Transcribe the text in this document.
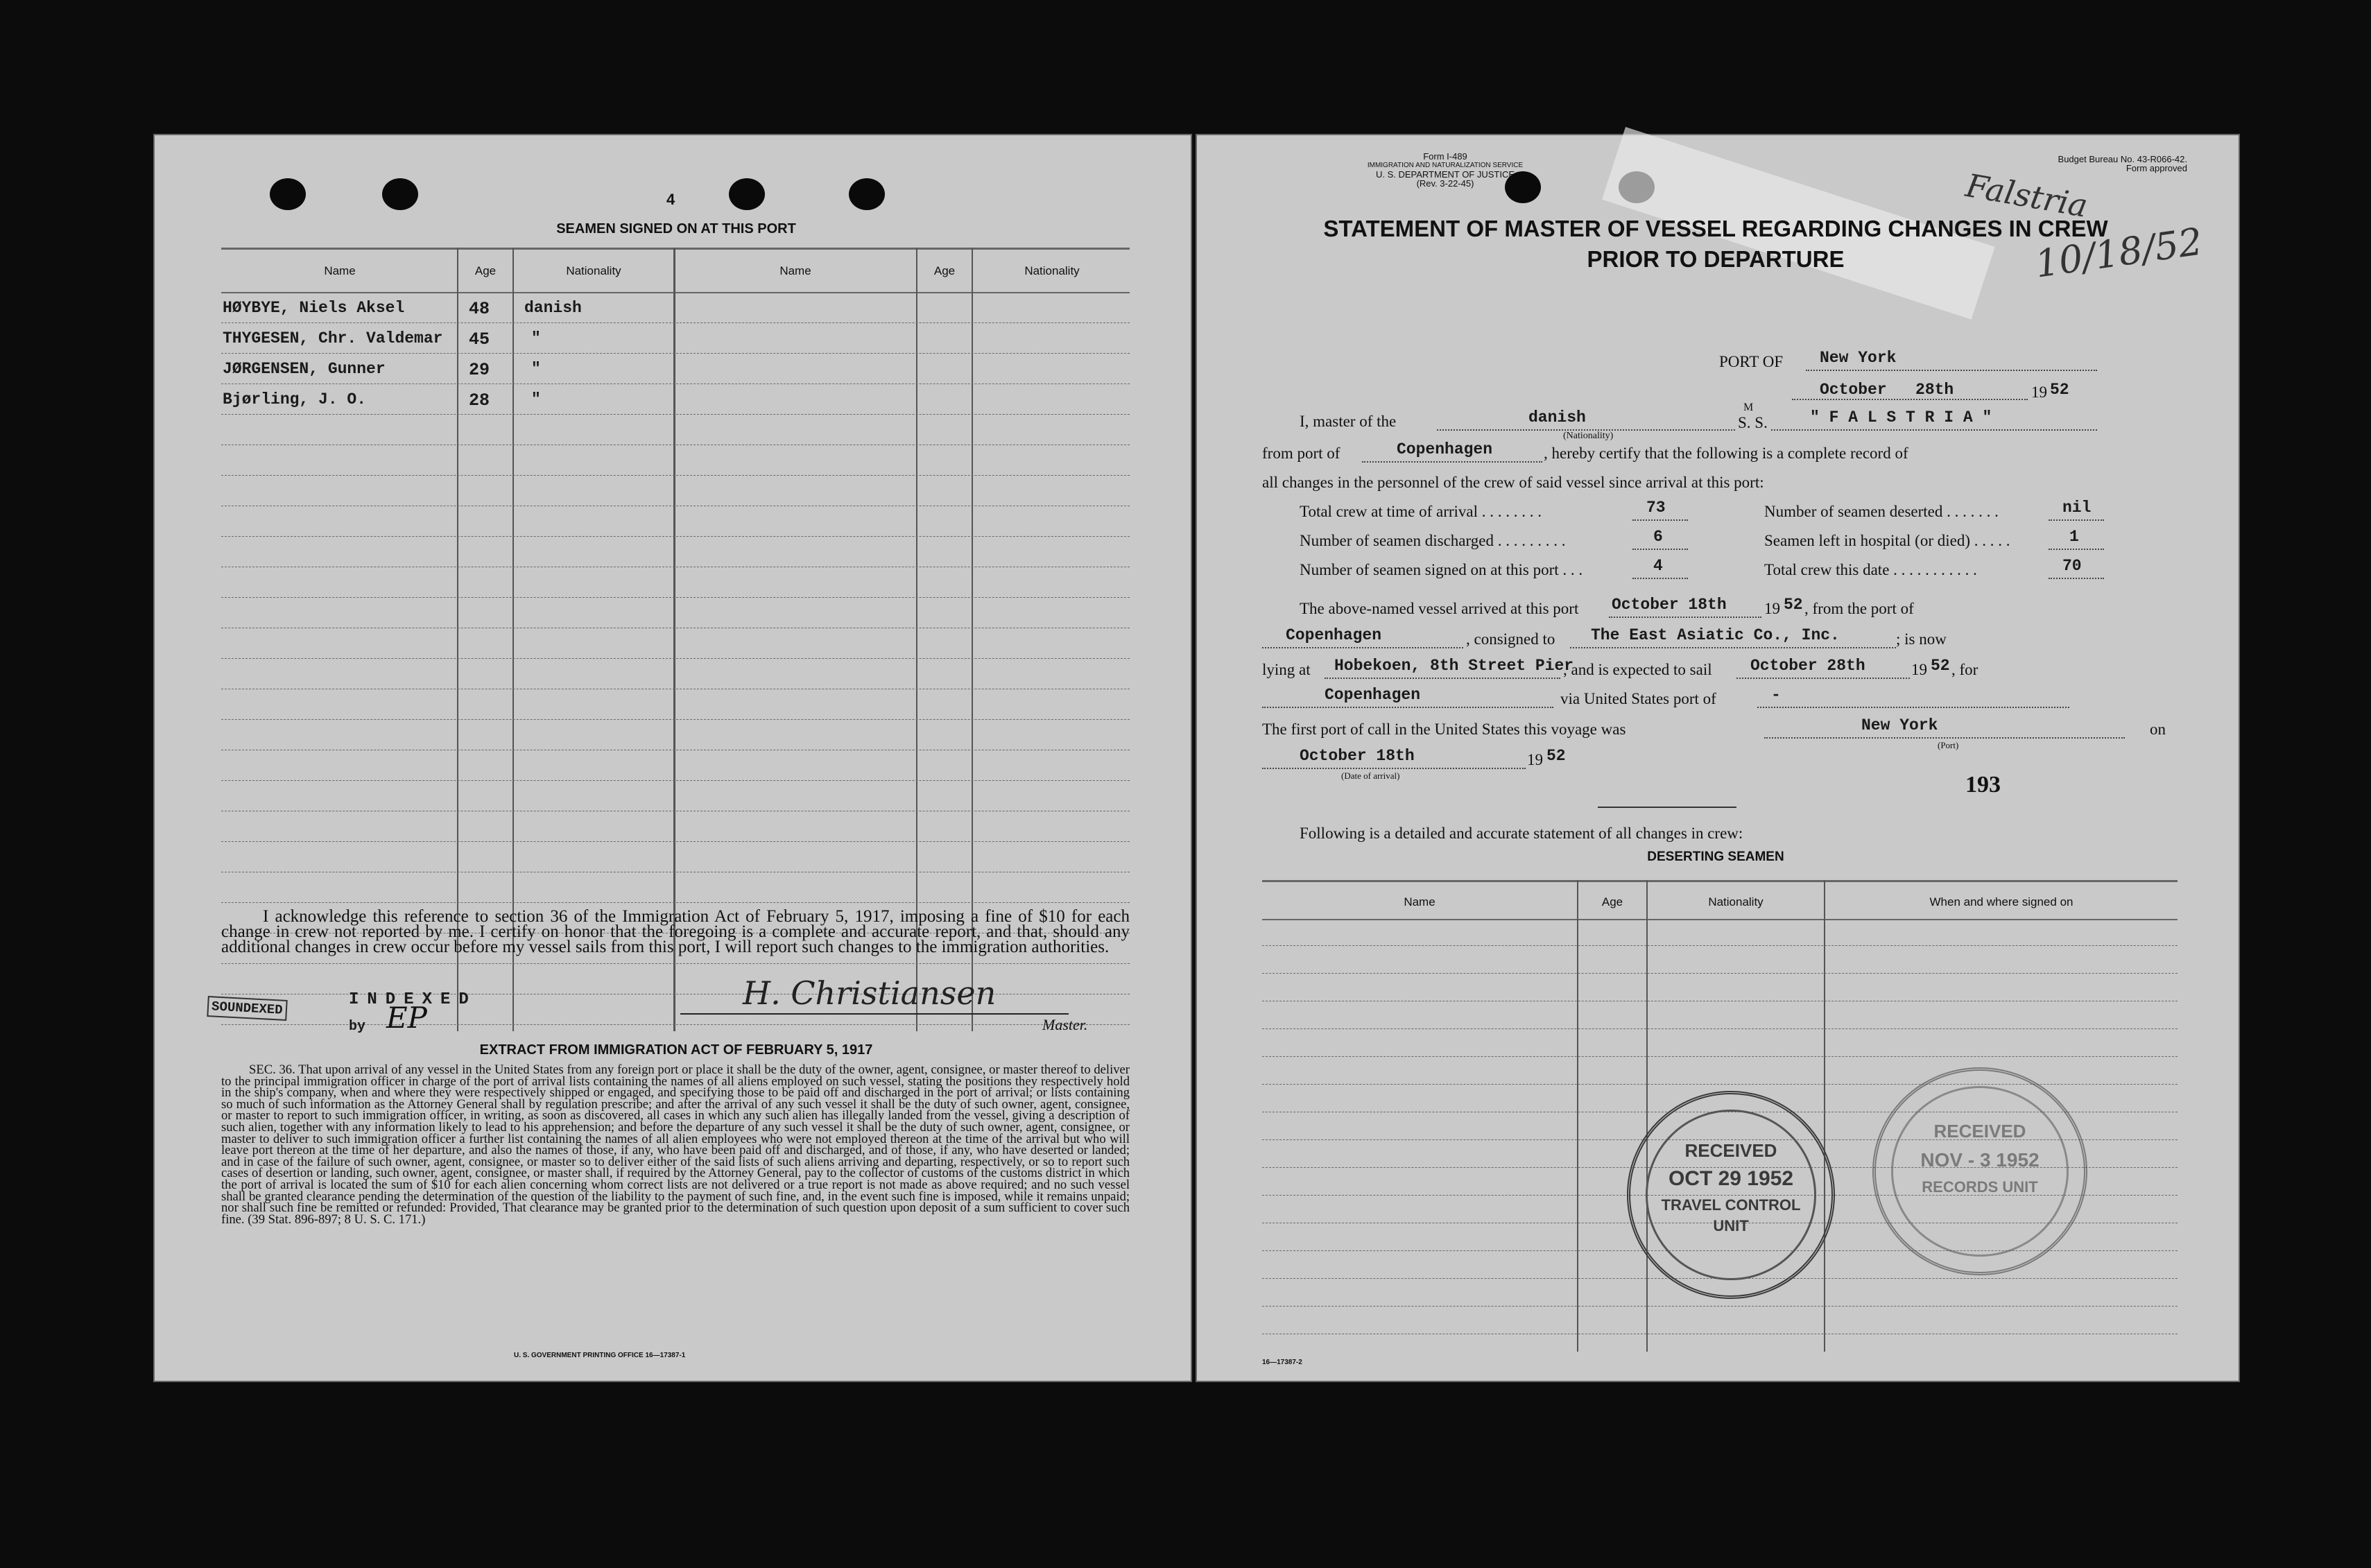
4
SEAMEN SIGNED ON AT THIS PORT
Name	Age	Nationality	Name	Age	Nationality
HØYBYE, Niels Aksel	48 danish
THYGESEN, Chr. Valdemar 45	"
JØRGENSEN, Gunner	29	"
Bjørling, J. O.	28	"
I acknowledge this reference to section 36 of the Immigration Act of February 5, 1917, imposing a fine of $10 for each change in crew not reported by me. I certify on honor that the foregoing is a complete and accurate report, and that, should any additional changes in crew occur before my vessel sails from this port, I will report such changes to the immigration authorities.
SOUNDEXED	INDEXED
by EP
H. Christiansen
Master.
EXTRACT FROM IMMIGRATION ACT OF FEBRUARY 5, 1917
SEC. 36. That upon arrival of any vessel in the United States from any foreign port or place it shall be the duty of the owner, agent, consignee, or master thereof to deliver to the principal immigration officer in charge of the port of arrival lists containing the names of all aliens employed on such vessel, stating the positions they respectively hold in the ship's company, when and where they were respectively shipped or engaged, and specifying those to be paid off and discharged in the port of arrival; or lists containing so much of such information as the Attorney General shall by regulation prescribe; and after the arrival of any such vessel it shall be the duty of such owner, agent, consignee, or master to report to such immigration officer, in writing, as soon as discovered, all cases in which any such alien has illegally landed from the vessel, giving a description of such alien, together with any information likely to lead to his apprehension; and before the departure of any such vessel it shall be the duty of such owner, agent, consignee, or master to deliver to such immigration officer a further list containing the names of all alien employees who were not employed thereon at the time of the arrival but who will leave port thereon at the time of her departure, and also the names of those, if any, who have been paid off and discharged, and of those, if any, who have deserted or landed; and in case of the failure of such owner, agent, consignee, or master so to deliver either of the said lists of such aliens arriving and departing, respectively, or so to report such cases of desertion or landing, such owner, agent, consignee, or master shall, if required by the Attorney General, pay to the collector of customs of the customs district in which the port of arrival is located the sum of $10 for each alien concerning whom correct lists are not delivered or a true report is not made as above required; and no such vessel shall be granted clearance pending the determination of the question of the liability to the payment of such fine, and, in the event such fine is imposed, while it remains unpaid; nor shall such fine be remitted or refunded: Provided, That clearance may be granted prior to the determination of such question upon deposit of a sum sufficient to cover such fine. (39 Stat. 896-897; 8 U. S. C. 171.)
U. S. GOVERNMENT PRINTING OFFICE 16—17387-1
Form I-489
IMMIGRATION AND NATURALIZATION SERVICE
U. S. DEPARTMENT OF JUSTICE
(Rev. 3-22-45)
Budget Bureau No. 43-R066-42.
Form approved
STATEMENT OF MASTER OF VESSEL REGARDING CHANGES IN CREW
PRIOR TO DEPARTURE
Falstria
10/18/52
PORT OF New York
October   28th	19 52
I, master of the	danish
(Nationality)
M
S. S.	" F A L S T R I A "
from port of	Copenhagen	, hereby certify that the following is a complete record of
all changes in the personnel of the crew of said vessel since arrival at this port:
Total crew at time of arrival . . . . . . . .	73	Number of seamen deserted . . . . . . .	nil
Number of seamen discharged . . . . . . . . .	6	Seamen left in hospital (or died) . . . . .	1
Number of seamen signed on at this port . . .	4	Total crew this date . . . . . . . . . . .	70
The above-named vessel arrived at this port October 18th 19 52 , from the port of
Copenhagen	, consigned to The East Asiatic Co., Inc.	; is now
lying at Hobekoen, 8th Street Pier
, and is expected to sail October 28th	19 52 , for
Copenhagen	via United States port of	-
The first port of call in the United States this voyage was	New York
(Port)
on
October 18th
(Date of arrival)
19 52
193
Following is a detailed and accurate statement of all changes in crew:
DESERTING SEAMEN
Name	Age	Nationality	When and where signed on
RECEIVED
OCT 29 1952
TRAVEL CONTROL
UNIT
RECEIVED
NOV - 3 1952
RECORDS UNIT
16—17387-2
